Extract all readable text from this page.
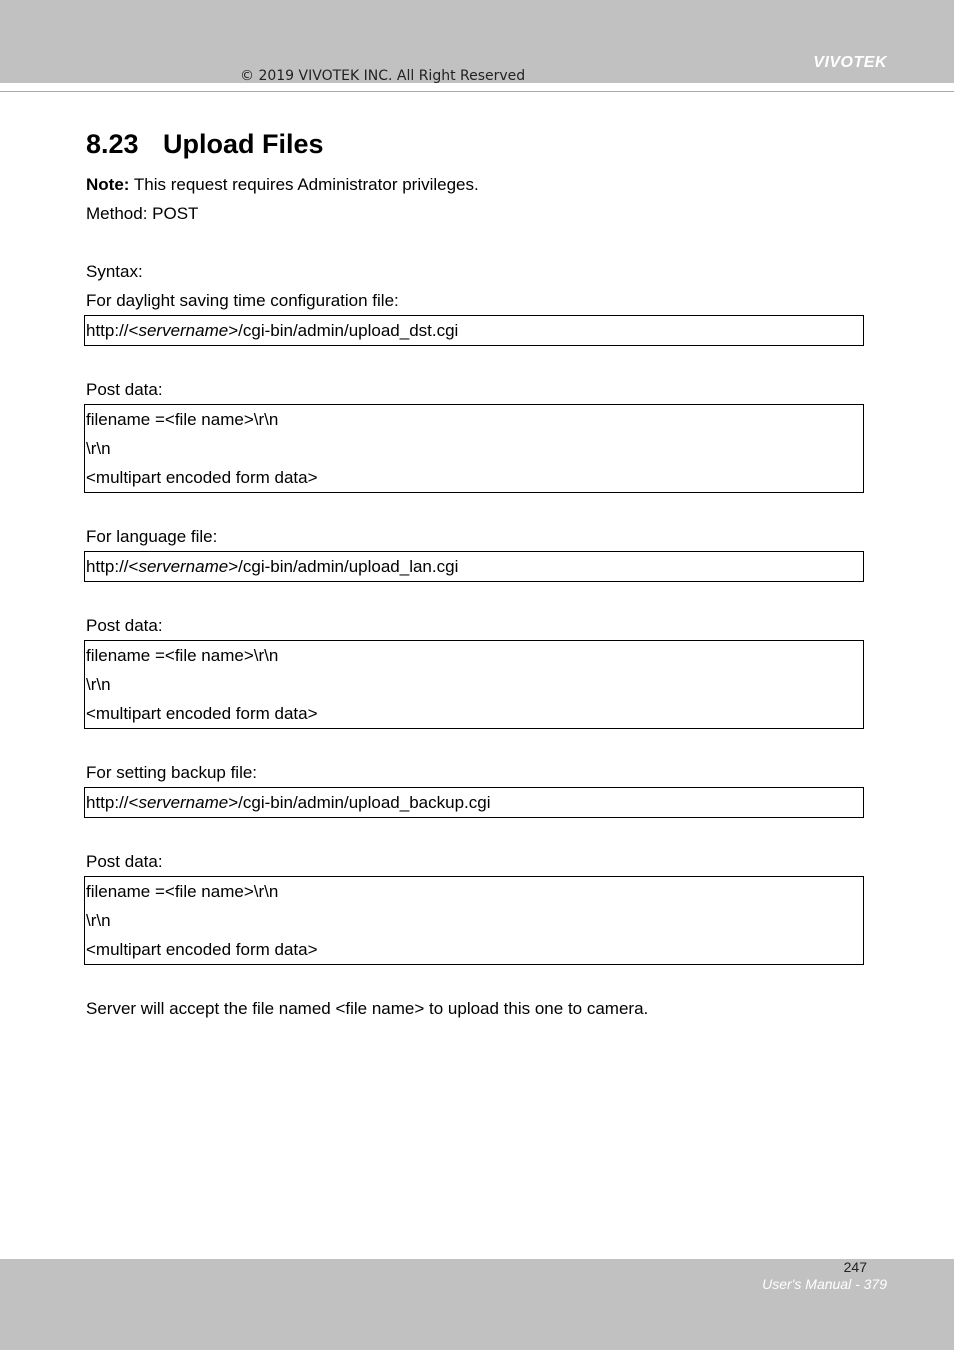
VIVOTEK
© 2019 VIVOTEK INC. All Right Reserved
8.23 Upload Files

Note: This request requires Administrator privileges.

Method: POST

Syntax:

For daylight saving time configuration file:

http://<servername>/cgi-bin/admin/upload_dst.cgi

Post data:

filename =<file name>\r\n
\r\n
<multipart encoded form data>

For language file:

http://<servername>/cgi-bin/admin/upload_lan.cgi

Post data:

filename =<file name>\r\n
\r\n
<multipart encoded form data>

For setting backup file:

http://<servername>/cgi-bin/admin/upload_backup.cgi

Post data:

filename =<file name>\r\n
\r\n
<multipart encoded form data>

Server will accept the file named <file name> to upload this one to camera.

247
User's Manual - 379
